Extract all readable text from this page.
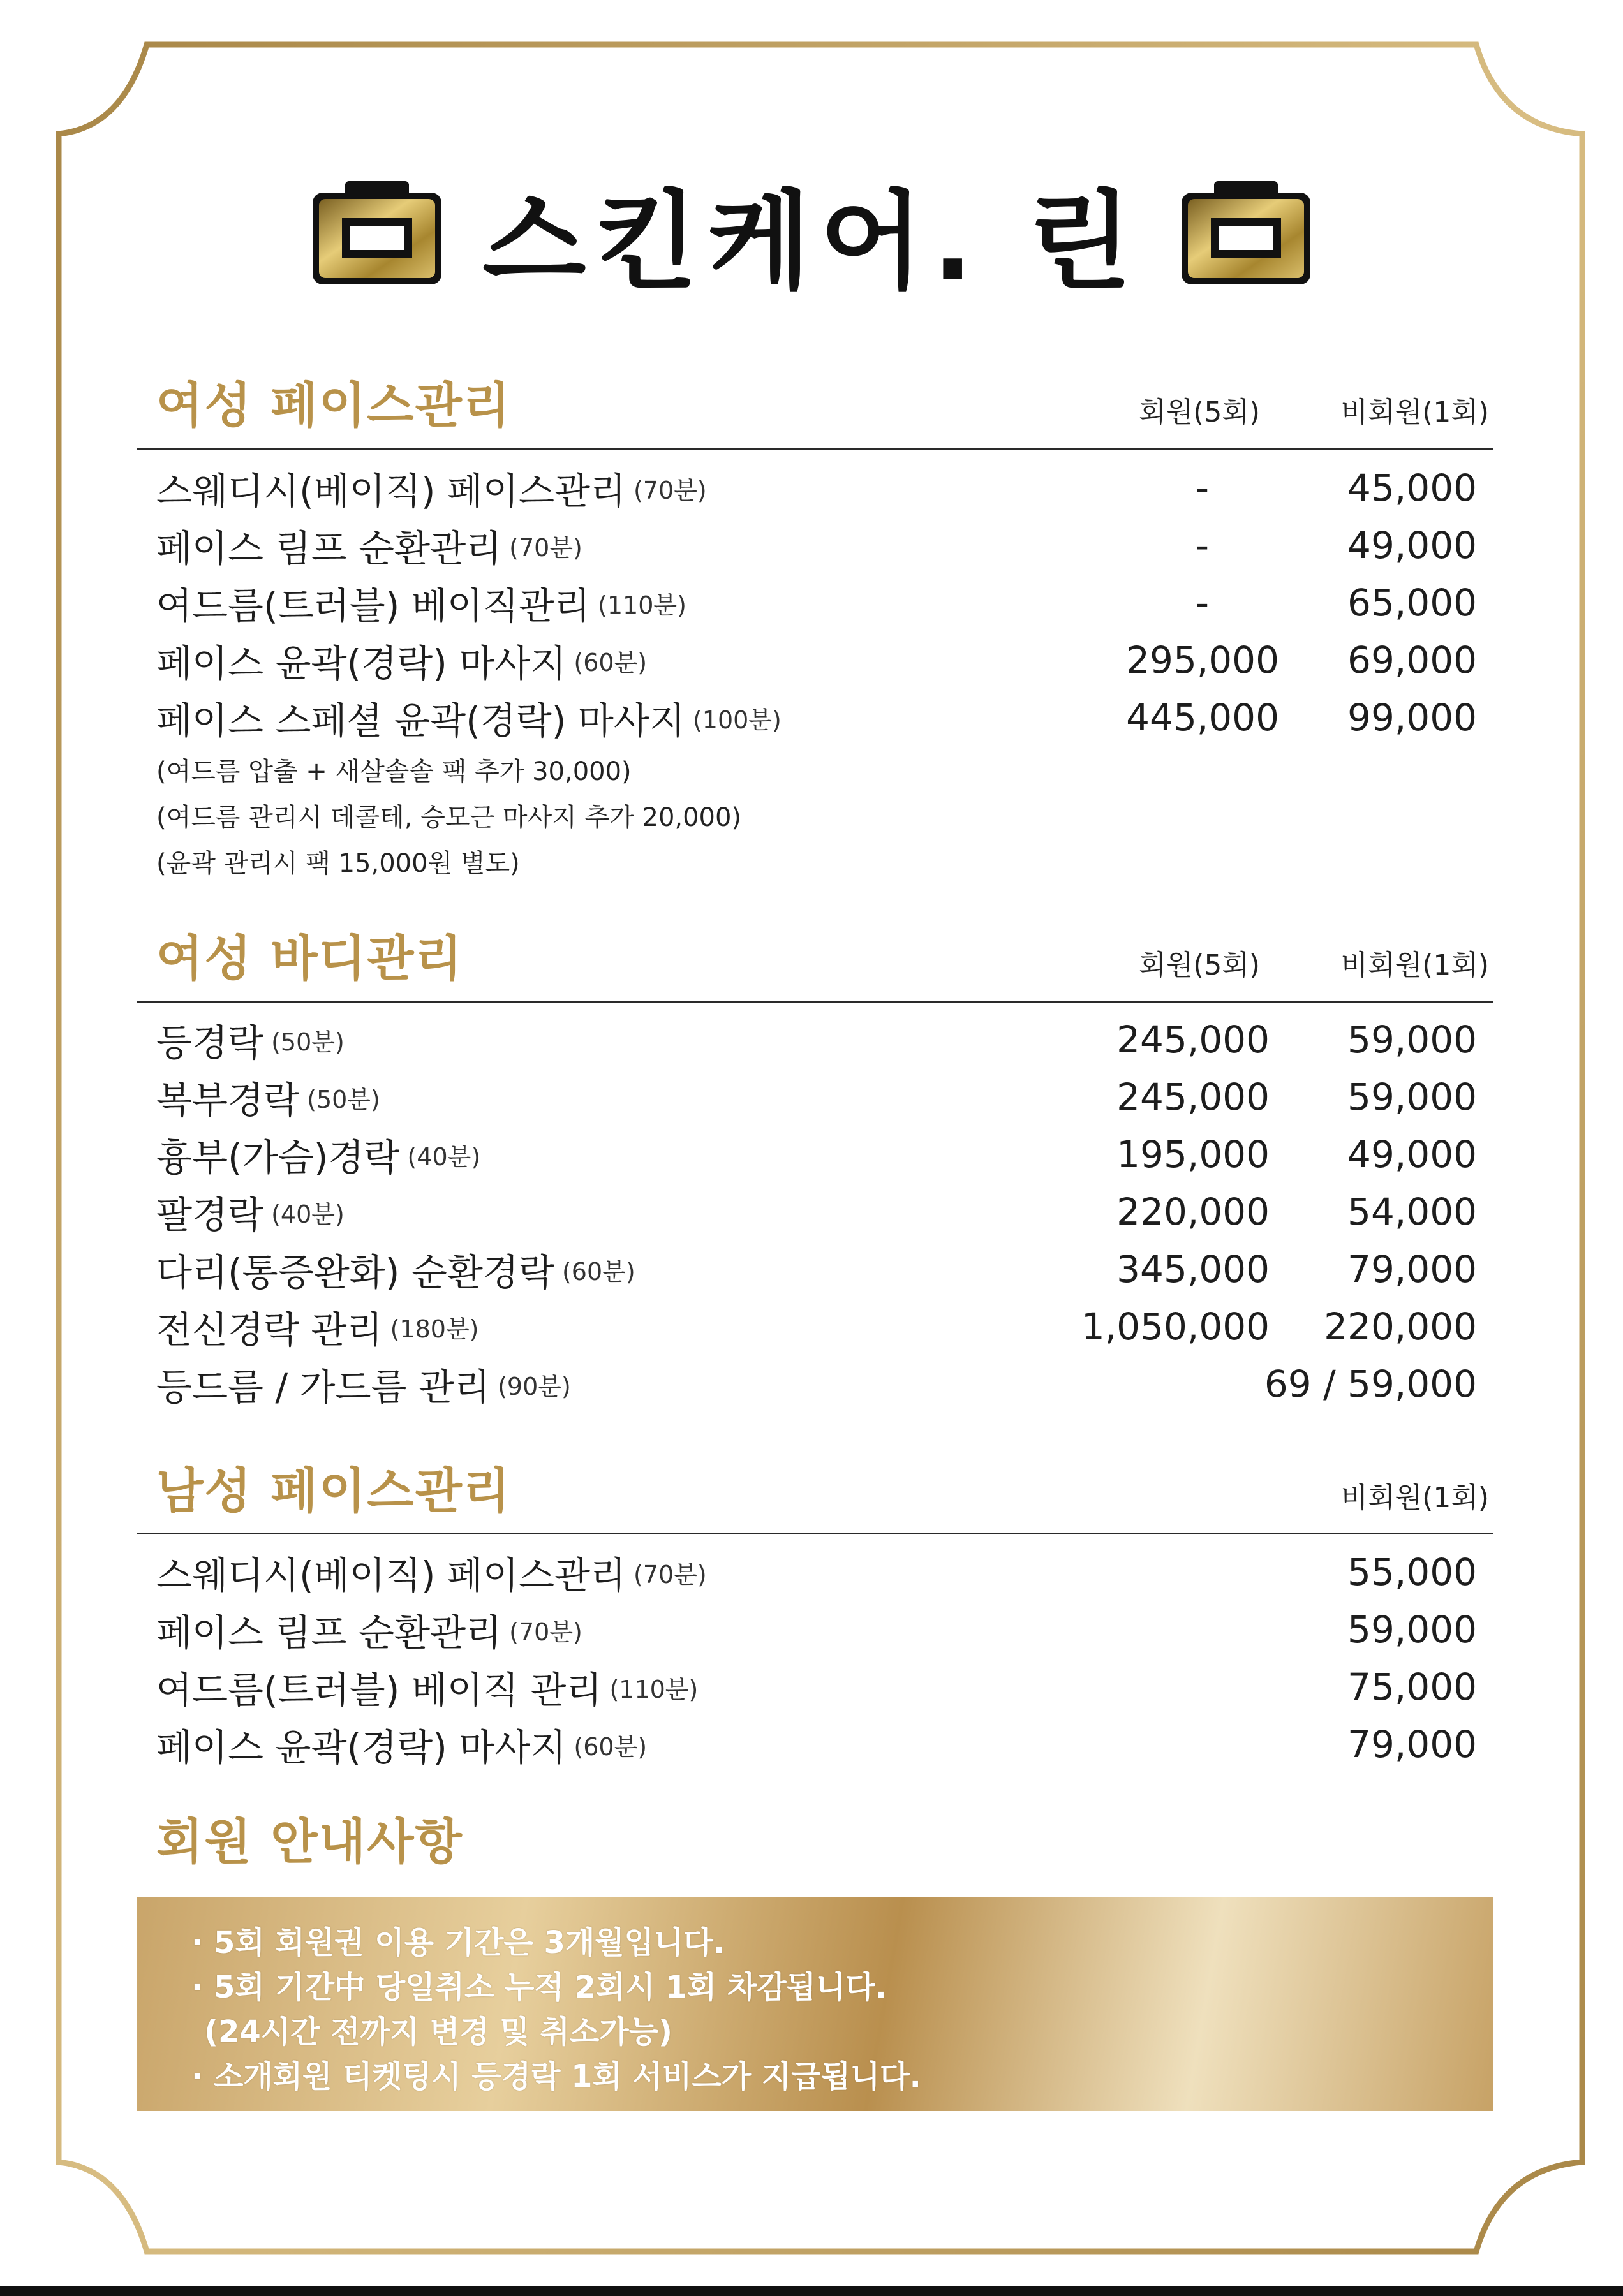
스킨케어. 린
여성 페이스관리	회원(5회)	비회원(1회)
스웨디시(베이직) 페이스관리 (70분)	-	45,000
페이스 림프 순환관리 (70분)	-	49,000
여드름(트러블) 베이직관리 (110분)	-	65,000
페이스 윤곽(경락) 마사지 (60분)	295,000 69,000
페이스 스페셜 윤곽(경락) 마사지 (100분)	445,000 99,000
(여드름 압출 + 새살솔솔 팩 추가 30,000)
(여드름 관리시 데콜테, 승모근 마사지 추가 20,000)
(윤곽 관리시 팩 15,000원 별도)
여성 바디관리	회원(5회)	비회원(1회)
등경락 (50분)	245,000 59,000
복부경락 (50분)	245,000 59,000
흉부(가슴)경락 (40분)	195,000 49,000
팔경락 (40분)	220,000 54,000
다리(통증완화) 순환경락 (60분)	345,000 79,000
전신경락 관리 (180분)	1,050,000 220,000
등드름 / 가드름 관리 (90분)	69 / 59,000
남성 페이스관리	비회원(1회)
스웨디시(베이직) 페이스관리 (70분)	55,000
페이스 림프 순환관리 (70분)	59,000
여드름(트러블) 베이직 관리 (110분)	75,000
페이스 윤곽(경락) 마사지 (60분)	79,000
회원 안내사항
· 5회 회원권 이용 기간은 3개월입니다.
· 5회 기간中 당일취소 누적 2회시 1회 차감됩니다.
(24시간 전까지 변경 및 취소가능)
· 소개회원 티켓팅시 등경락 1회 서비스가 지급됩니다.
